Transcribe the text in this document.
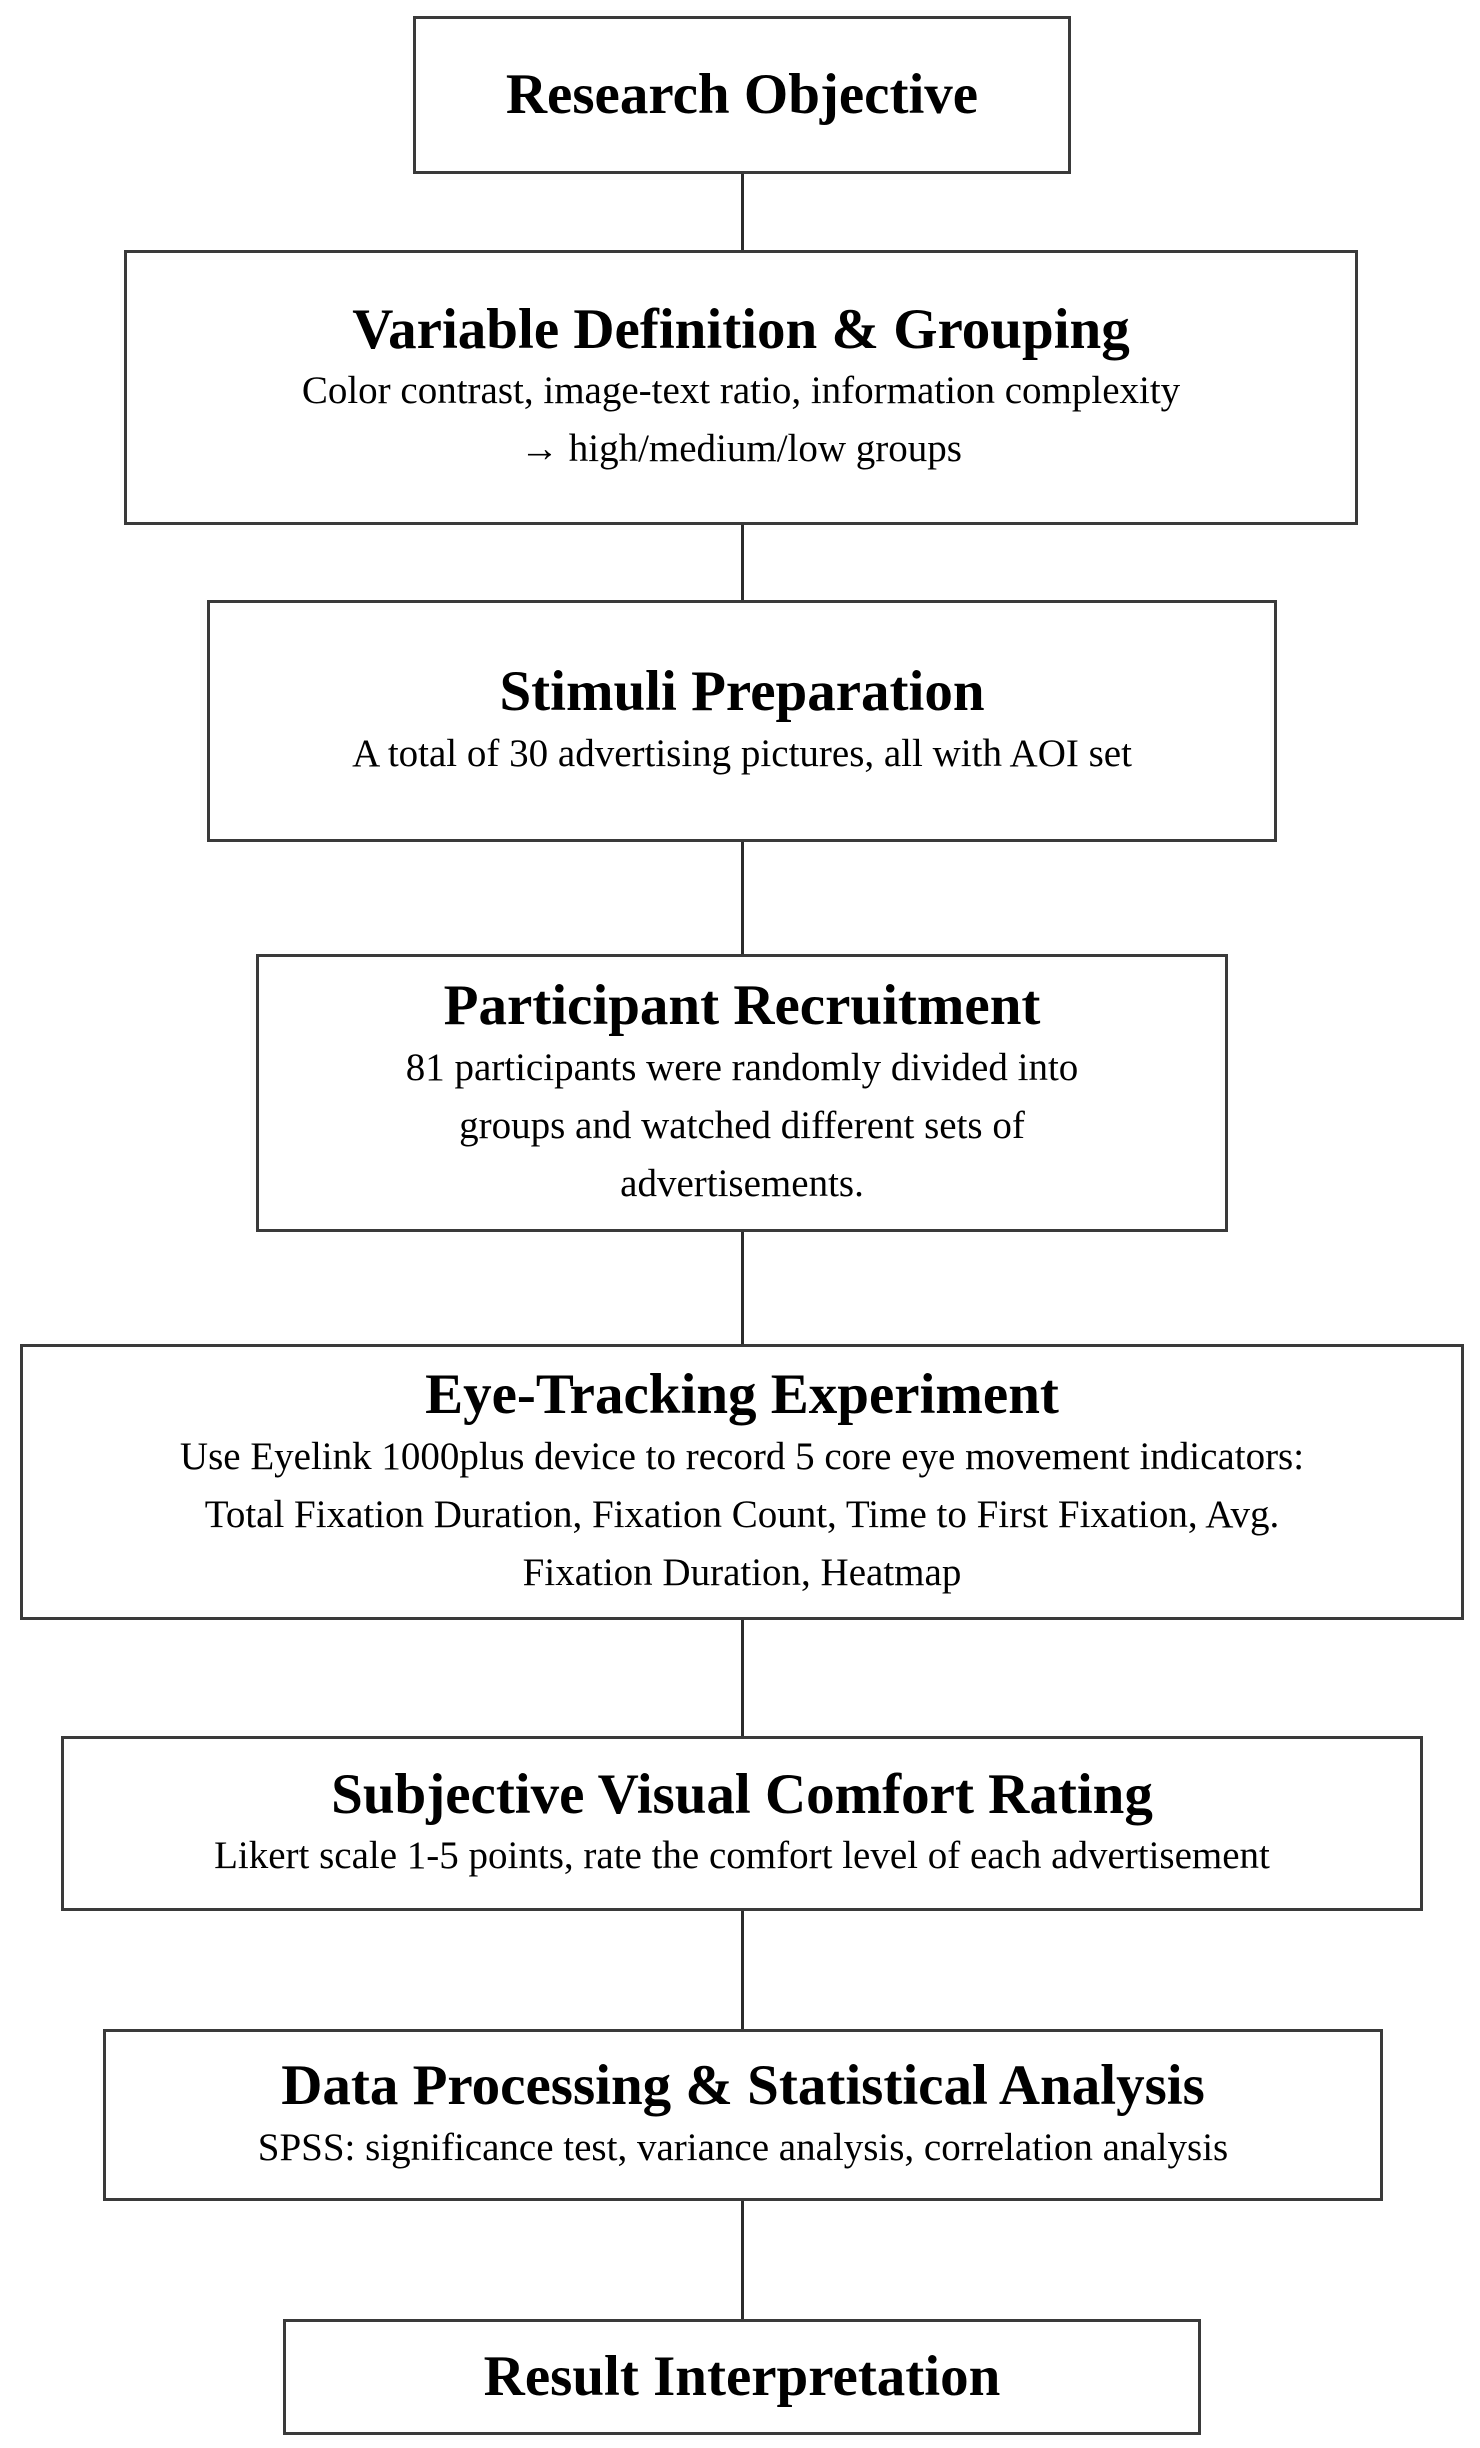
Research Objective
Variable Definition & Grouping
Color contrast, image-text ratio, information complexity
→ high/medium/low groups
Stimuli Preparation
A total of 30 advertising pictures, all with AOI set
Participant Recruitment
81 participants were randomly divided into
groups and watched different sets of
advertisements.
Eye-Tracking Experiment
Use Eyelink 1000plus device to record 5 core eye movement indicators:
Total Fixation Duration, Fixation Count, Time to First Fixation, Avg.
Fixation Duration, Heatmap
Subjective Visual Comfort Rating
Likert scale 1-5 points, rate the comfort level of each advertisement
Data Processing & Statistical Analysis
SPSS: significance test, variance analysis, correlation analysis
Result Interpretation
